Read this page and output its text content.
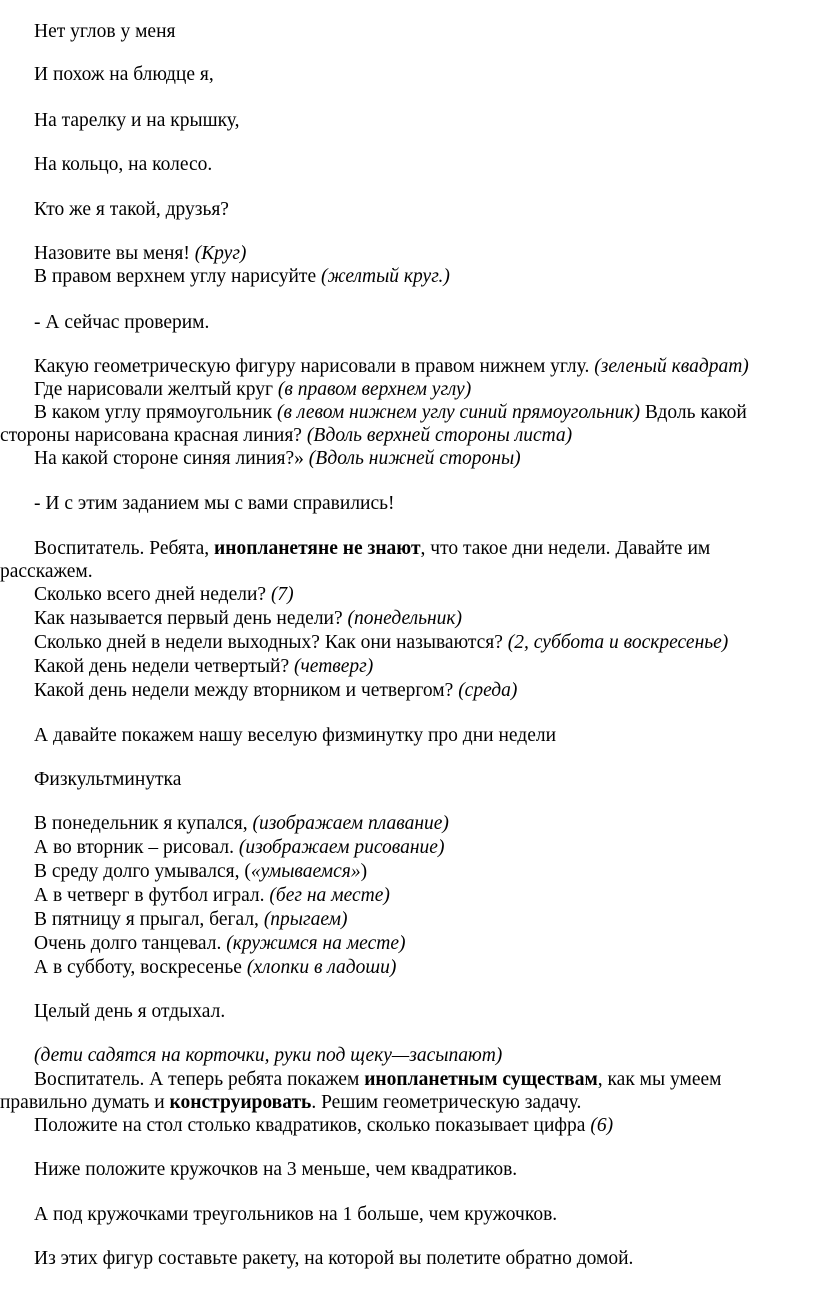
Нет углов у меня
И похож на блюдце я,
На тарелку и на крышку,
На кольцо, на колесо.
Кто же я такой, друзья?
Назовите вы меня! (Круг)
В правом верхнем углу нарисуйте (желтый круг.)
- А сейчас проверим.
Какую геометрическую фигуру нарисовали в правом нижнем углу. (зеленый квадрат)
Где нарисовали желтый круг (в правом верхнем углу)
В каком углу прямоугольник (в левом нижнем углу синий прямоугольник) Вдоль какой
стороны нарисована красная линия? (Вдоль верхней стороны листа)
На какой стороне синяя линия?» (Вдоль нижней стороны)
- И с этим заданием мы с вами справились!
Воспитатель. Ребята, инопланетяне не знают, что такое дни недели. Давайте им
расскажем.
Сколько всего дней недели? (7)
Как называется первый день недели? (понедельник)
Сколько дней в недели выходных? Как они называются? (2, суббота и воскресенье)
Какой день недели четвертый? (четверг)
Какой день недели между вторником и четвергом? (среда)
А давайте покажем нашу веселую физминутку про дни недели
Физкультминутка
В понедельник я купался, (изображаем плавание)
А во вторник – рисовал. (изображаем рисование)
В среду долго умывался, («умываемся»)
А в четверг в футбол играл. (бег на месте)
В пятницу я прыгал, бегал, (прыгаем)
Очень долго танцевал. (кружимся на месте)
А в субботу, воскресенье (хлопки в ладоши)
Целый день я отдыхал.
(дети садятся на корточки, руки под щеку—засыпают)
Воспитатель. А теперь ребята покажем инопланетным существам, как мы умеем
правильно думать и конструировать. Решим геометрическую задачу.
Положите на стол столько квадратиков, сколько показывает цифра (6)
Ниже положите кружочков на 3 меньше, чем квадратиков.
А под кружочками треугольников на 1 больше, чем кружочков.
Из этих фигур составьте ракету, на которой вы полетите обратно домой.
